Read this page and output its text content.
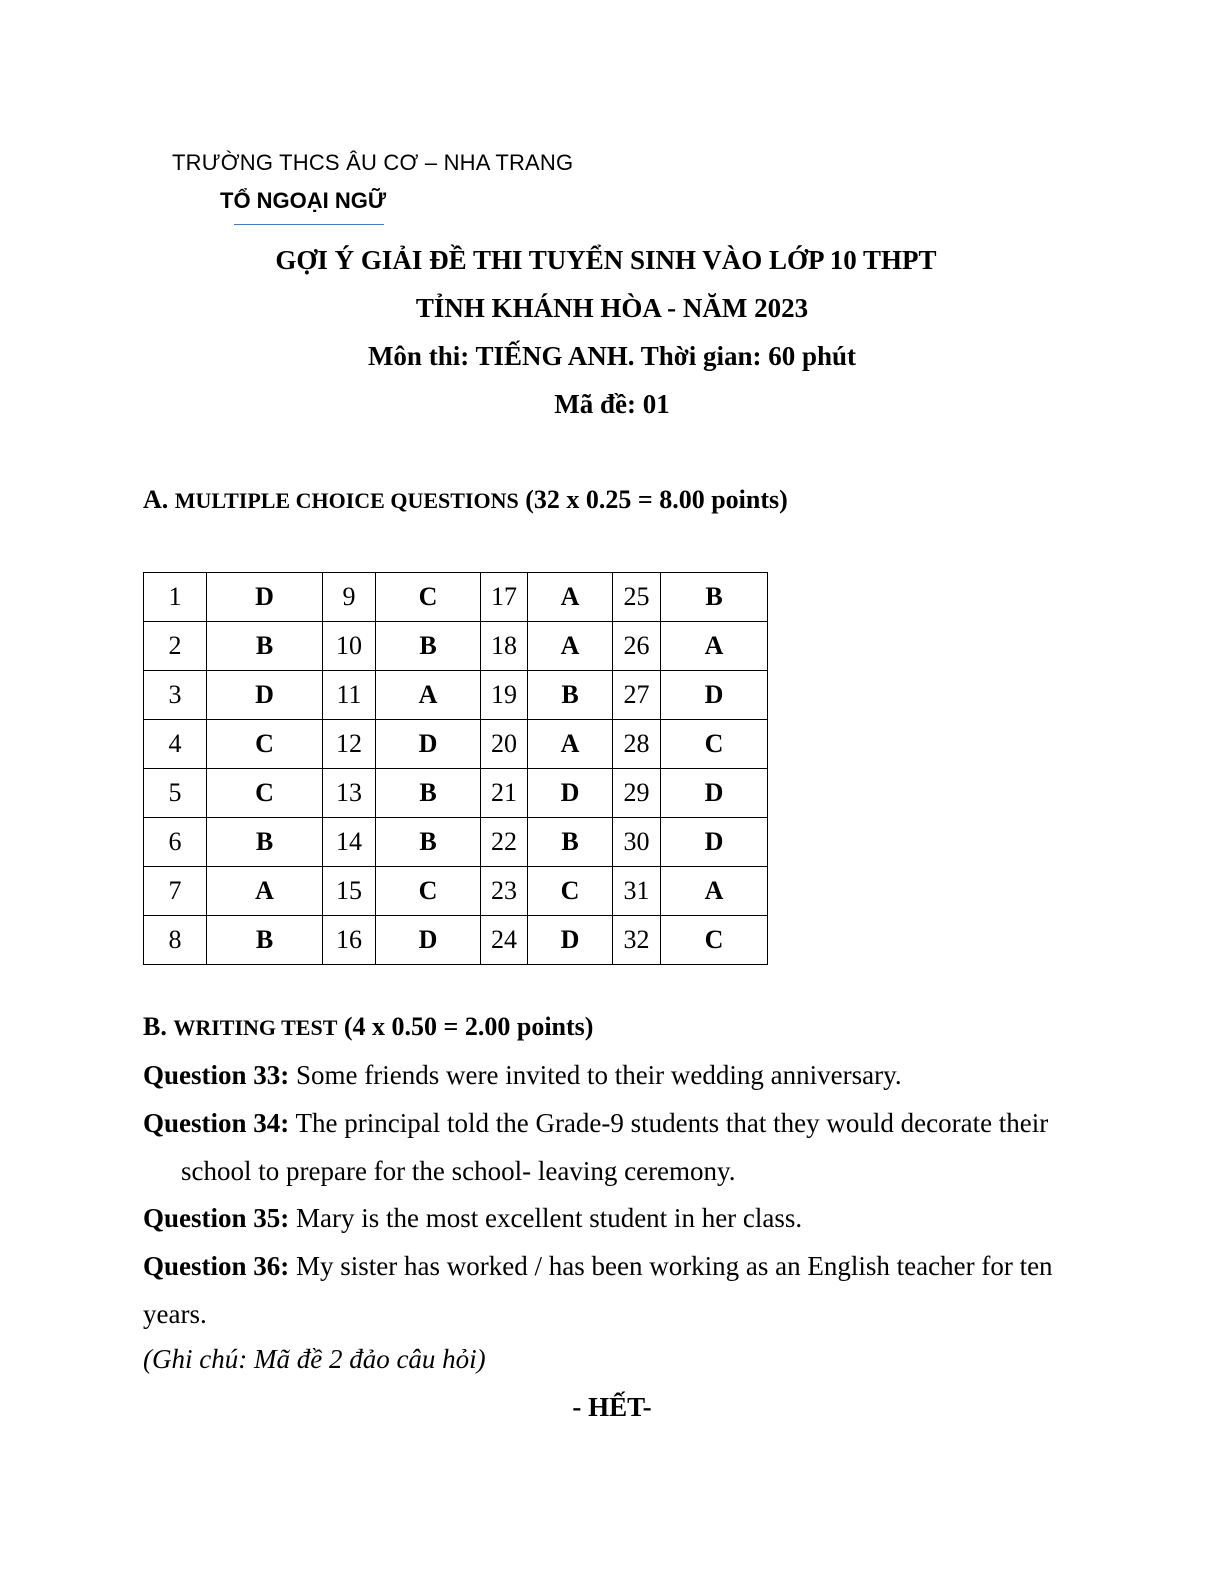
TRƯỜNG THCS ÂU CƠ – NHA TRANG
TỔ NGOẠI NGỮ
GỢI Ý GIẢI ĐỀ THI TUYỂN SINH VÀO LỚP 10 THPT
TỈNH KHÁNH HÒA - NĂM 2023
Môn thi: TIẾNG ANH. Thời gian: 60 phút
Mã đề: 01
A. MULTIPLE CHOICE QUESTIONS (32 x 0.25 = 8.00 points)
1	D	9	C	17	A	25	B
2	B	10	B	18	A	26	A
3	D	11	A	19	B	27	D
4	C	12	D	20	A	28	C
5	C	13	B	21	D	29	D
6	B	14	B	22	B	30	D
7	A	15	C	23	C	31	A
8	B	16	D	24	D	32	C
B. WRITING TEST (4 x 0.50 = 2.00 points)
Question 33: Some friends were invited to their wedding anniversary.
Question 34: The principal told the Grade-9 students that they would decorate their
school to prepare for the school- leaving ceremony.
Question 35: Mary is the most excellent student in her class.
Question 36: My sister has worked / has been working as an English teacher for ten years.
(Ghi chú: Mã đề 2 đảo câu hỏi)
- HẾT-
